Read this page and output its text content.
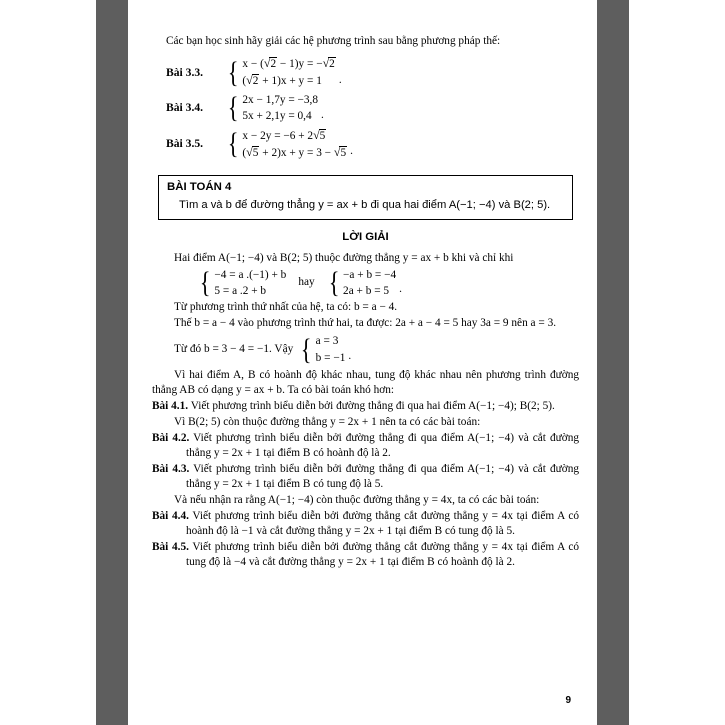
Các bạn học sinh hãy giải các hệ phương trình sau bằng phương pháp thế:

Bài 3.3. { x − (√2 − 1)y = −√2
(√2 + 1)x + y = 1	.
Bài 3.4. { 2x − 1,7y = −3,8
5x + 2,1y = 0,4 .
Bài 3.5. { x − 2y = −6 + 2√5
(√5 + 2)x + y = 3 − √5 .
BÀI TOÁN 4
Tìm a và b để đường thẳng y = ax + b đi qua hai điểm A(−1; −4) và B(2; 5).
LỜI GIẢI

Hai điểm A(−1; −4) và B(2; 5) thuộc đường thẳng y = ax + b khi và chỉ khi

{ −4 = a .(−1) + b
5 = a .2 + b
hay { −a + b = −4
2a + b = 5 .

Từ phương trình thứ nhất của hệ, ta có: b = a − 4.

Thế b = a − 4 vào phương trình thứ hai, ta được: 2a + a − 4 = 5 hay 3a = 9 nên a = 3.

Từ đó b = 3 − 4 = −1. Vậy { a = 3
b = −1 .

Vì hai điểm A, B có hoành độ khác nhau, tung độ khác nhau nên phương trình đường thẳng AB có dạng y = ax + b. Ta có bài toán khó hơn:

Bài 4.1. Viết phương trình biểu diễn bởi đường thẳng đi qua hai điểm A(−1; −4); B(2; 5).

Vì B(2; 5) còn thuộc đường thẳng y = 2x + 1 nên ta có các bài toán:

Bài 4.2. Viết phương trình biểu diễn bởi đường thẳng đi qua điểm A(−1; −4) và cắt đường thẳng y = 2x + 1 tại điểm B có hoành độ là 2.

Bài 4.3. Viết phương trình biểu diễn bởi đường thẳng đi qua điểm A(−1; −4) và cắt đường thẳng y = 2x + 1 tại điểm B có tung độ là 5.

Và nếu nhận ra rằng A(−1; −4) còn thuộc đường thẳng y = 4x, ta có các bài toán:

Bài 4.4. Viết phương trình biểu diễn bởi đường thẳng cắt đường thẳng y = 4x tại điểm A có hoành độ là −1 và cắt đường thẳng y = 2x + 1 tại điểm B có tung độ là 5.

Bài 4.5. Viết phương trình biểu diễn bởi đường thẳng cắt đường thẳng y = 4x tại điểm A có tung độ là −4 và cắt đường thẳng y = 2x + 1 tại điểm B có hoành độ là 2.

9
